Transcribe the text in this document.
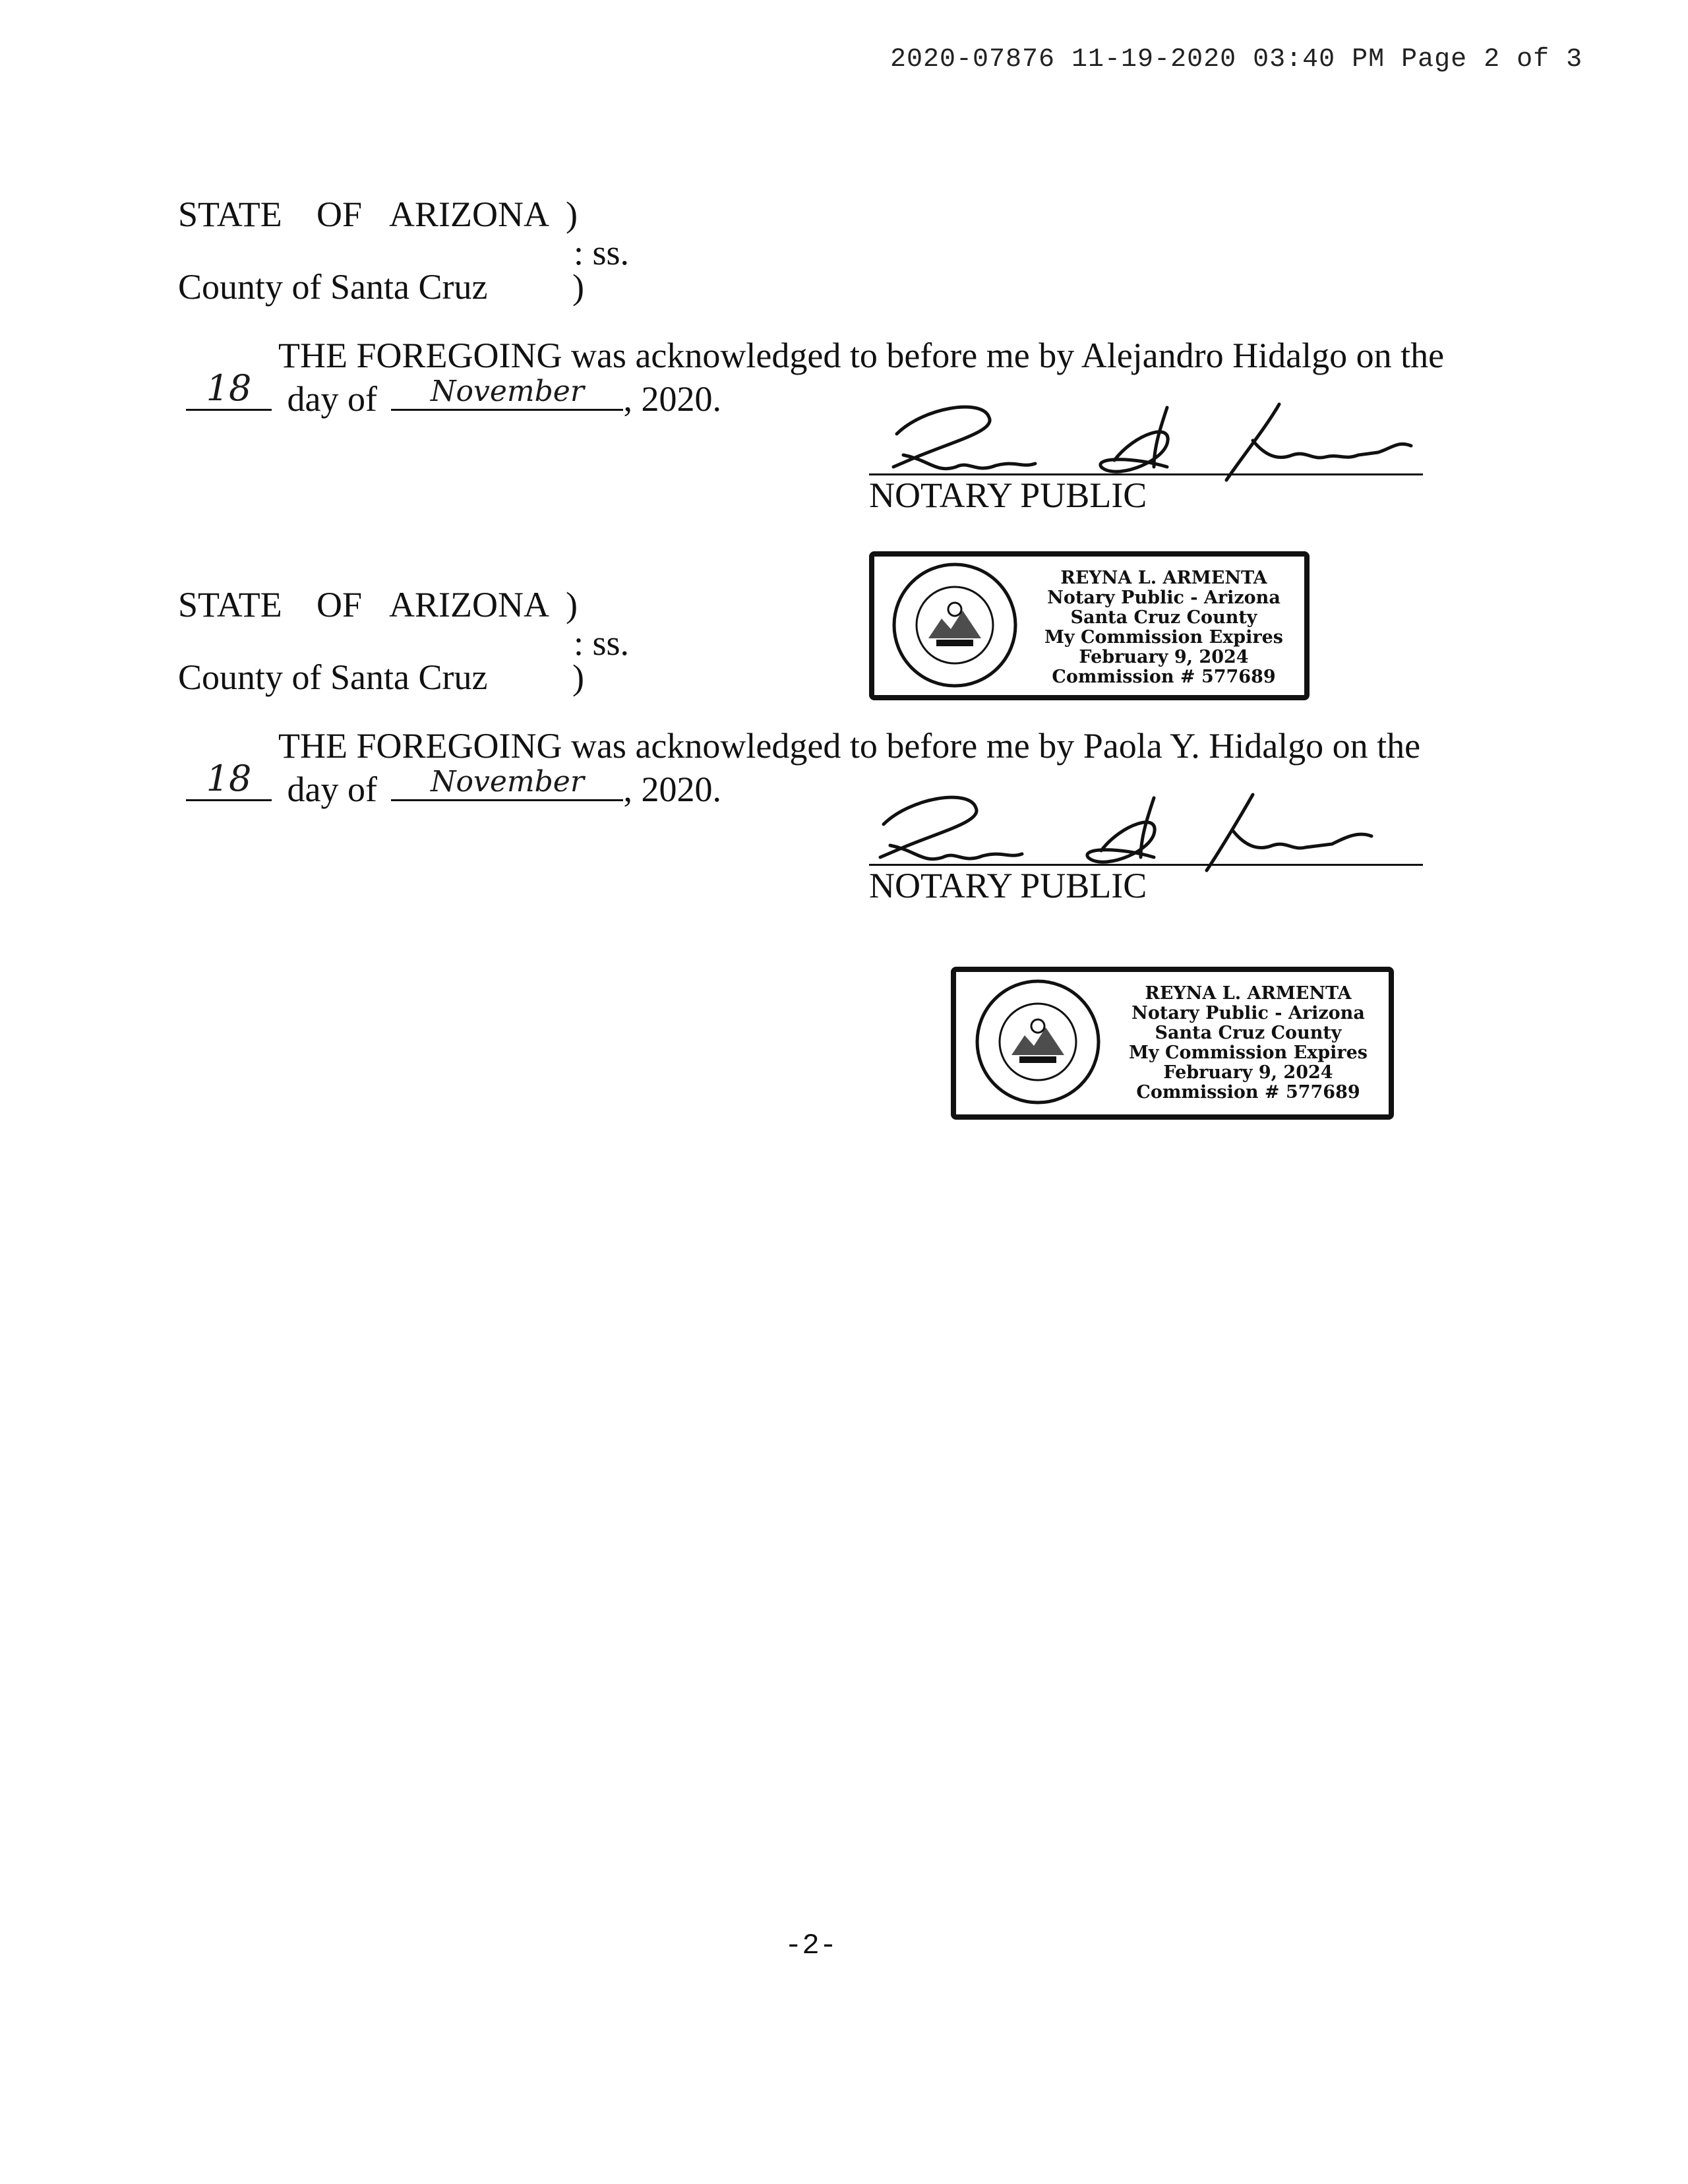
2020-07876 11-19-2020 03:40 PM Page 2 of 3
STATE OF ARIZONA )
: ss.
County of Santa Cruz )
THE FOREGOING was acknowledged to before me by Alejandro Hidalgo on the
18	day of	November	, 2020.
NOTARY PUBLIC
REYNA L. ARMENTA
Notary Public - Arizona
Santa Cruz County
My Commission Expires
February 9, 2024
Commission # 577689
STATE OF ARIZONA )
: ss.
County of Santa Cruz )
THE FOREGOING was acknowledged to before me by Paola Y. Hidalgo on the
18	day of	November	, 2020.
NOTARY PUBLIC
REYNA L. ARMENTA
Notary Public - Arizona
Santa Cruz County
My Commission Expires
February 9, 2024
Commission # 577689
-2-
